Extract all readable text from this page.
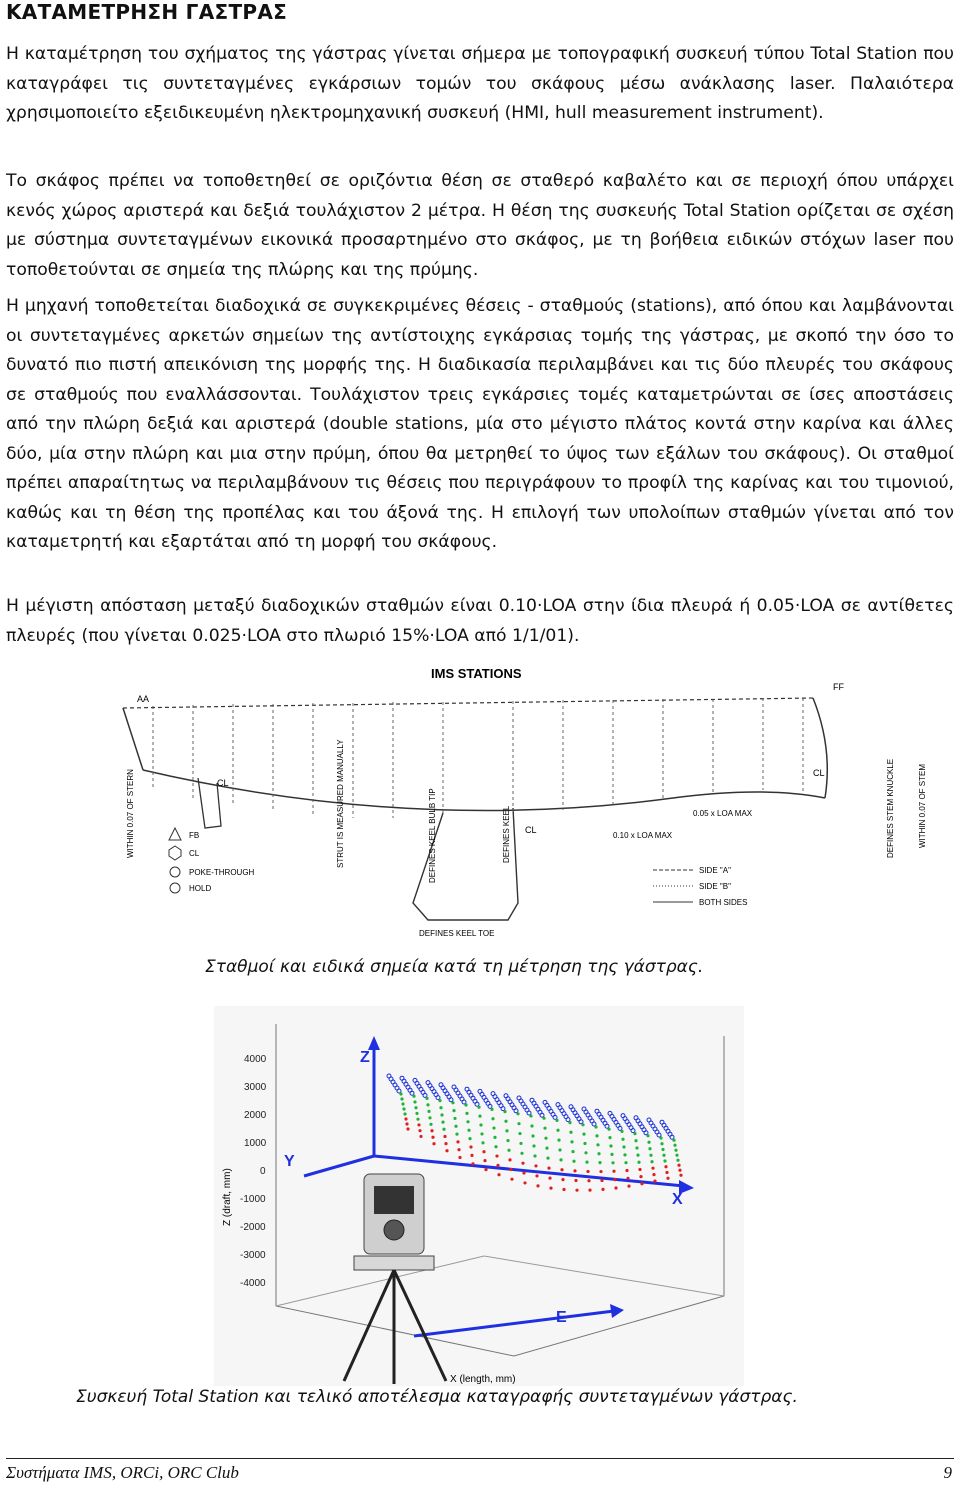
ΚΑΤΑΜΕΤΡΗΣΗ ΓΑΣΤΡΑΣ

Η καταμέτρηση του σχήματος της γάστρας γίνεται σήμερα με τοπογραφική συσκευή τύπου Total Station που καταγράφει τις συντεταγμένες εγκάρσιων τομών του σκάφους μέσω ανάκλασης laser. Παλαιότερα χρησιμοποιείτο εξειδικευμένη ηλεκτρομηχανική συσκευή (HMI, hull measurement instrument).

Το σκάφος πρέπει να τοποθετηθεί σε οριζόντια θέση σε σταθερό καβαλέτο και σε περιοχή όπου υπάρχει κενός χώρος αριστερά και δεξιά τουλάχιστον 2 μέτρα. Η θέση της συσκευής Total Station ορίζεται σε σχέση με σύστημα συντεταγμένων εικονικά προσαρτημένο στο σκάφος, με τη βοήθεια ειδικών στόχων laser που τοποθετούνται σε σημεία της πλώρης και της πρύμης.

Η μηχανή τοποθετείται διαδοχικά σε συγκεκριμένες θέσεις - σταθμούς (stations), από όπου και λαμβάνονται οι συντεταγμένες αρκετών σημείων της αντίστοιχης εγκάρσιας τομής της γάστρας, με σκοπό την όσο το δυνατό πιο πιστή απεικόνιση της μορφής της. Η διαδικασία περιλαμβάνει και τις δύο πλευρές του σκάφους σε σταθμούς που εναλλάσσονται. Τουλάχιστον τρεις εγκάρσιες τομές καταμετρώνται σε ίσες αποστάσεις από την πλώρη δεξιά και αριστερά (double stations, μία στο μέγιστο πλάτος κοντά στην καρίνα και άλλες δύο, μία στην πλώρη και μια στην πρύμη, όπου θα μετρηθεί το ύψος των εξάλων του σκάφους). Οι σταθμοί πρέπει απαραίτητως να περιλαμβάνουν τις θέσεις που περιγράφουν το προφίλ της καρίνας και του τιμονιού, καθώς και τη θέση της προπέλας και του άξονά της. Η επιλογή των υπολοίπων σταθμών γίνεται από τον καταμετρητή και εξαρτάται από τη μορφή του σκάφους.

Η μέγιστη απόσταση μεταξύ διαδοχικών σταθμών είναι 0.10·LOA στην ίδια πλευρά ή 0.05·LOA σε αντίθετες πλευρές (που γίνεται 0.025·LOA στο πλωριό 15%·LOA από 1/1/01).

IMS STATIONS
AA
FF
CL
CL
CL
WITHIN 0.07 OF STERN	WITHIN 0.07 OF STEM
STRUT IS MEASURED MANUALLY	DEFINES KEEL BULB TIP
DEFINES KEEL TOE
DEFINES KEEL	DEFINES STEM KNUCKLE
0.05 x LOA MAX
0.10 x LOA MAX
FB
CL
POKE-THROUGH
HOLD
SIDE "A"
SIDE "B"
BOTH SIDES
Σταθμοί και ειδικά σημεία κατά τη μέτρηση της γάστρας.
4000
3000
2000
1000
0
-1000
-2000
-3000
-4000
Z (draft, mm)
X (length, mm)
Z
Y
X
E
Συσκευή Total Station και τελικό αποτέλεσμα καταγραφής συντεταγμένων γάστρας.
Συστήματα IMS, ORCi, ORC Club	9
